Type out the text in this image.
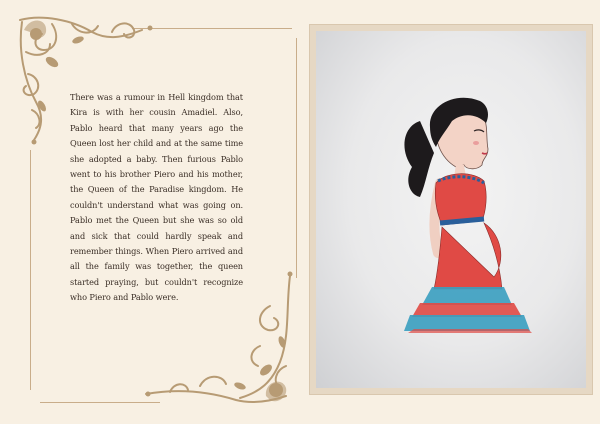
There was a rumour in Hell kingdom that Kira is with her cousin Amadiel. Also, Pablo heard that many years ago the Queen lost her child and at the same time she adopted a baby. Then furious Pablo went to his brother Piero and his mother, the Queen of the Paradise kingdom. He couldn't understand what was going on. Pablo met the Queen but she was so old and sick that could hardly speak and remember things. When Piero arrived and all the family was together, the queen started praying, but couldn't recognize who Piero and Pablo were.
